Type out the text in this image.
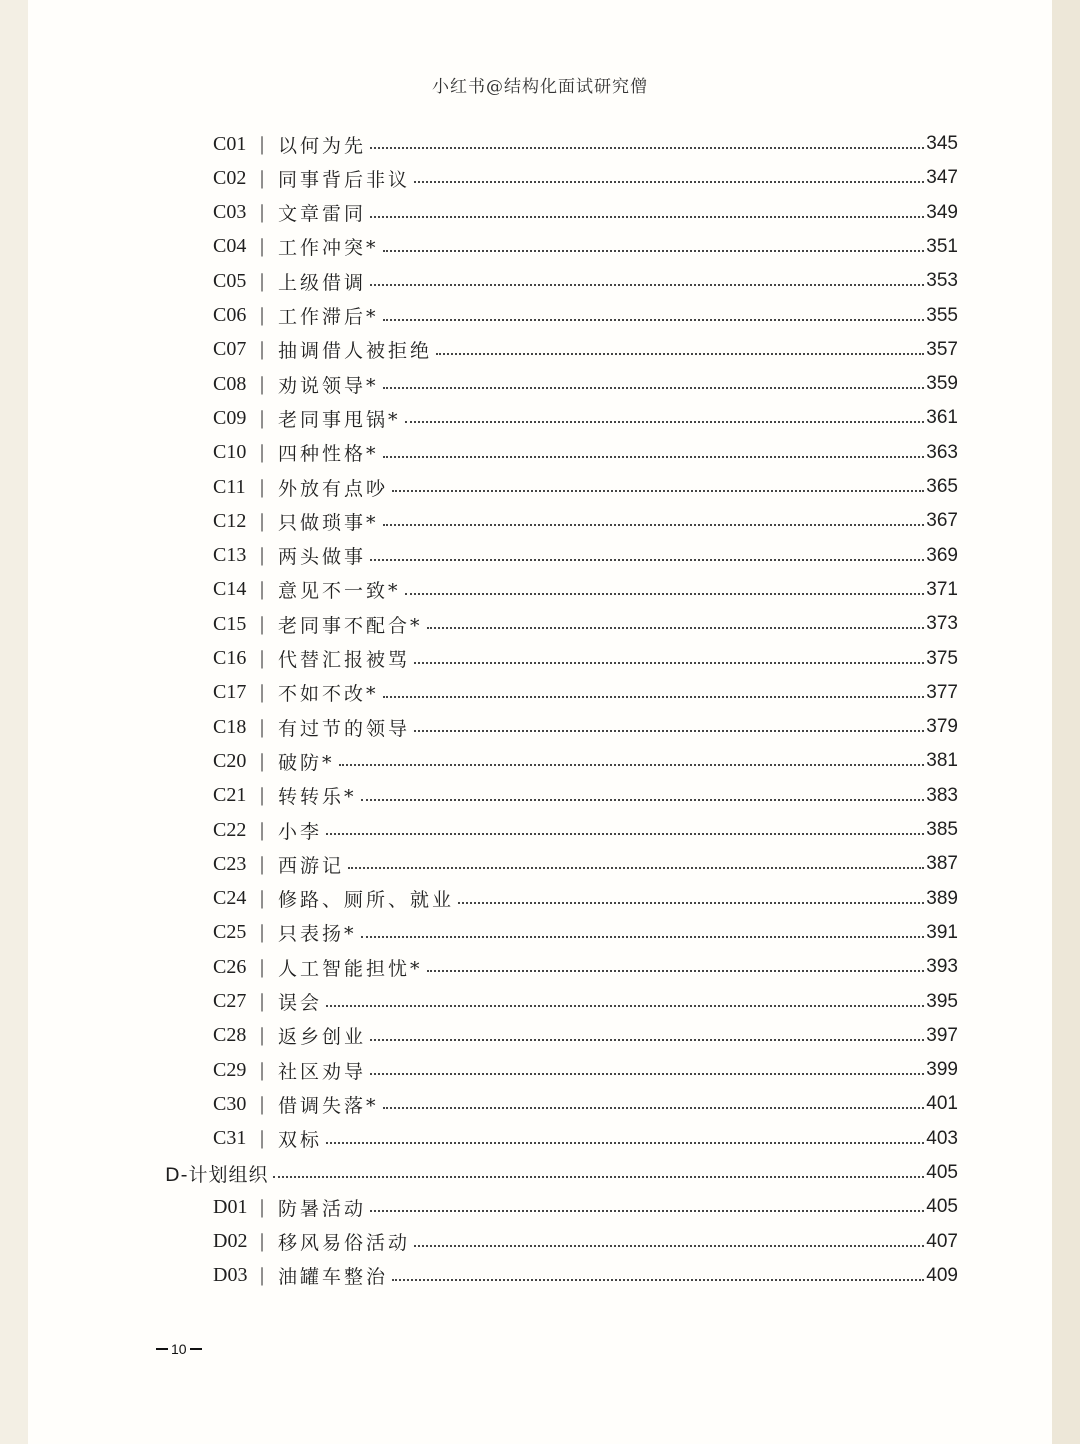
小红书@结构化面试研究僧
C01 | 以何为先	345
C02 | 同事背后非议	347
C03 | 文章雷同	349
C04 | 工作冲突*	351
C05 | 上级借调	353
C06 | 工作滞后*	355
C07 | 抽调借人被拒绝	357
C08 | 劝说领导*	359
C09 | 老同事甩锅*	361
C10 | 四种性格*	363
C11 | 外放有点吵	365
C12 | 只做琐事*	367
C13 | 两头做事	369
C14 | 意见不一致*	371
C15 | 老同事不配合*	373
C16 | 代替汇报被骂	375
C17 | 不如不改*	377
C18 | 有过节的领导	379
C20 | 破防*	381
C21 | 转转乐*	383
C22 | 小李	385
C23 | 西游记	387
C24 | 修路、厕所、就业	389
C25 | 只表扬*	391
C26 | 人工智能担忧*	393
C27 | 误会	395
C28 | 返乡创业	397
C29 | 社区劝导	399
C30 | 借调失落*	401
C31 | 双标	403
D-计划组织	405
D01 | 防暑活动	405
D02 | 移风易俗活动	407
D03 | 油罐车整治	409
10
